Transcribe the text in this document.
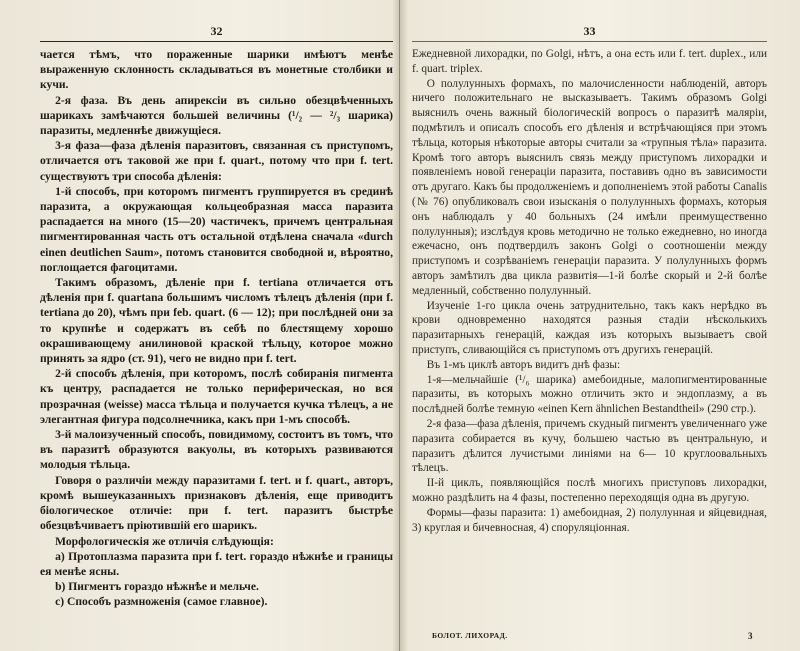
32

чается тѣмъ, что пораженные шарики имѣютъ менѣе выраженную склонность складываться въ монетные столбики и кучи.

2-я фаза. Въ день апирексіи въ сильно обезцвѣченныхъ шарикахъ замѣчаются большей величины (¹/₂ — ²/₃ шарика) паразиты, медленнѣе движущіеся.

3-я фаза—фаза дѣленія паразитовъ, связанная съ приступомъ, отличается отъ таковой же при f. quart., потому что при f. tert. существуютъ три способа дѣленія:

1-й способъ, при которомъ пигментъ группируется въ срединѣ паразита, а окружающая кольцеобразная масса паразита распадается на много (15—20) частичекъ, причемъ центральная пигментированная часть отъ остальной отдѣлена сначала «durch einen deutlichen Saum», потомъ становится свободной и, вѣроятно, поглощается фагоцитами.

Такимъ образомъ, дѣленіе при f. tertiana отличается отъ дѣленія при f. quartana большимъ числомъ тѣлецъ дѣленія (при f. tertiana до 20), чѣмъ при feb. quart. (6 — 12); при послѣдней они за то крупнѣе и содержатъ въ себѣ по блестящему хорошо окрашивающему анилиновой краской тѣльцу, которое можно принять за ядро (ст. 91), чего не видно при f. tert.

2-й способъ дѣленія, при которомъ, послѣ собиранія пигмента къ центру, распадается не только периферическая, но вся прозрачная (weisse) масса тѣльца и получается кучка тѣлецъ, а не элегантная фигура подсолнечника, какъ при 1-мъ способѣ.

3-й малоизученный способъ, повидимому, состоитъ въ томъ, что въ паразитѣ образуются вакуолы, въ которыхъ развиваются молодыя тѣльца.

Говоря о различіи между паразитами f. tert. и f. quart., авторъ, кромѣ вышеуказанныхъ признаковъ дѣленія, еще приводитъ біологическое отличіе: при f. tert. паразитъ быстрѣе обезцвѣчиваетъ пріютившій его шарикъ.

Морфологическія же отличія слѣдующія:

а) Протоплазма паразита при f. tert. гораздо нѣжнѣе и границы ея менѣе ясны.

b) Пигментъ гораздо нѣжнѣе и мельче.

c) Способъ размноженія (самое главное).

33

Ежедневной лихорадки, по Golgi, нѣтъ, а она есть или f. tert. duplex., или f. quart. triplex.

О полулунныхъ формахъ, по малочисленности наблюденій, авторъ ничего положительнаго не высказываетъ. Такимъ образомъ Golgi выяснилъ очень важный біологическій вопросъ о паразитѣ маляріи, подмѣтилъ и описалъ способъ его дѣленія и встрѣчающіяся при этомъ тѣльца, которыя нѣкоторые авторы считали за «трупныя тѣла» паразита. Кромѣ того авторъ выяснилъ связь между приступомъ лихорадки и появленіемъ новой генераціи паразита, поставивъ одно въ зависимости отъ другаго. Какъ бы продолженіемъ и дополненіемъ этой работы Canalis (№ 76) опубликовалъ свои изысканія о полулунныхъ формахъ, которыя онъ наблюдалъ у 40 больныхъ (24 имѣли преимущественно полулунныя); изслѣдуя кровь методично не только ежедневно, но иногда ежечасно, онъ подтвердилъ законъ Golgi о соотношеніи между приступомъ и созрѣваніемъ генераціи паразита. У полулунныхъ формъ авторъ замѣтилъ два цикла развитія—1-й болѣе скорый и 2-й болѣе медленный, собственно полулунный.

Изученіе 1-го цикла очень затруднительно, такъ какъ нерѣдко въ крови одновременно находятся разныя стадіи нѣсколькихъ паразитарныхъ генерацій, каждая изъ которыхъ вызываетъ свой приступъ, сливающійся съ приступомъ отъ другихъ генерацій.

Въ 1-мъ циклѣ авторъ видитъ днѣ фазы:

1-я—мельчайшіе (¹/₆ шарика) амебоидные, малопигментированные паразиты, въ которыхъ можно отличить экто и эндоплазму, а въ послѣдней болѣе темную «einen Kern ähnlichen Bestandtheil» (290 стр.).

2-я фаза—фаза дѣленія, причемъ скудный пигментъ увеличеннаго уже паразита собирается въ кучу, большею частью въ центральную, и паразитъ дѣлится лучистыми линіями на 6— 10 круглоовальныхъ тѣлецъ.

II-й циклъ, появляющійся послѣ многихъ приступовъ лихорадки, можно раздѣлить на 4 фазы, постепенно переходящія одна въ другую.

Формы—фазы паразита: 1) амебоидная, 2) полулунная и яйцевидная, 3) круглая и бичевносная, 4) споруляціонная.

БОЛОТ. ЛИХОРАД.	3
